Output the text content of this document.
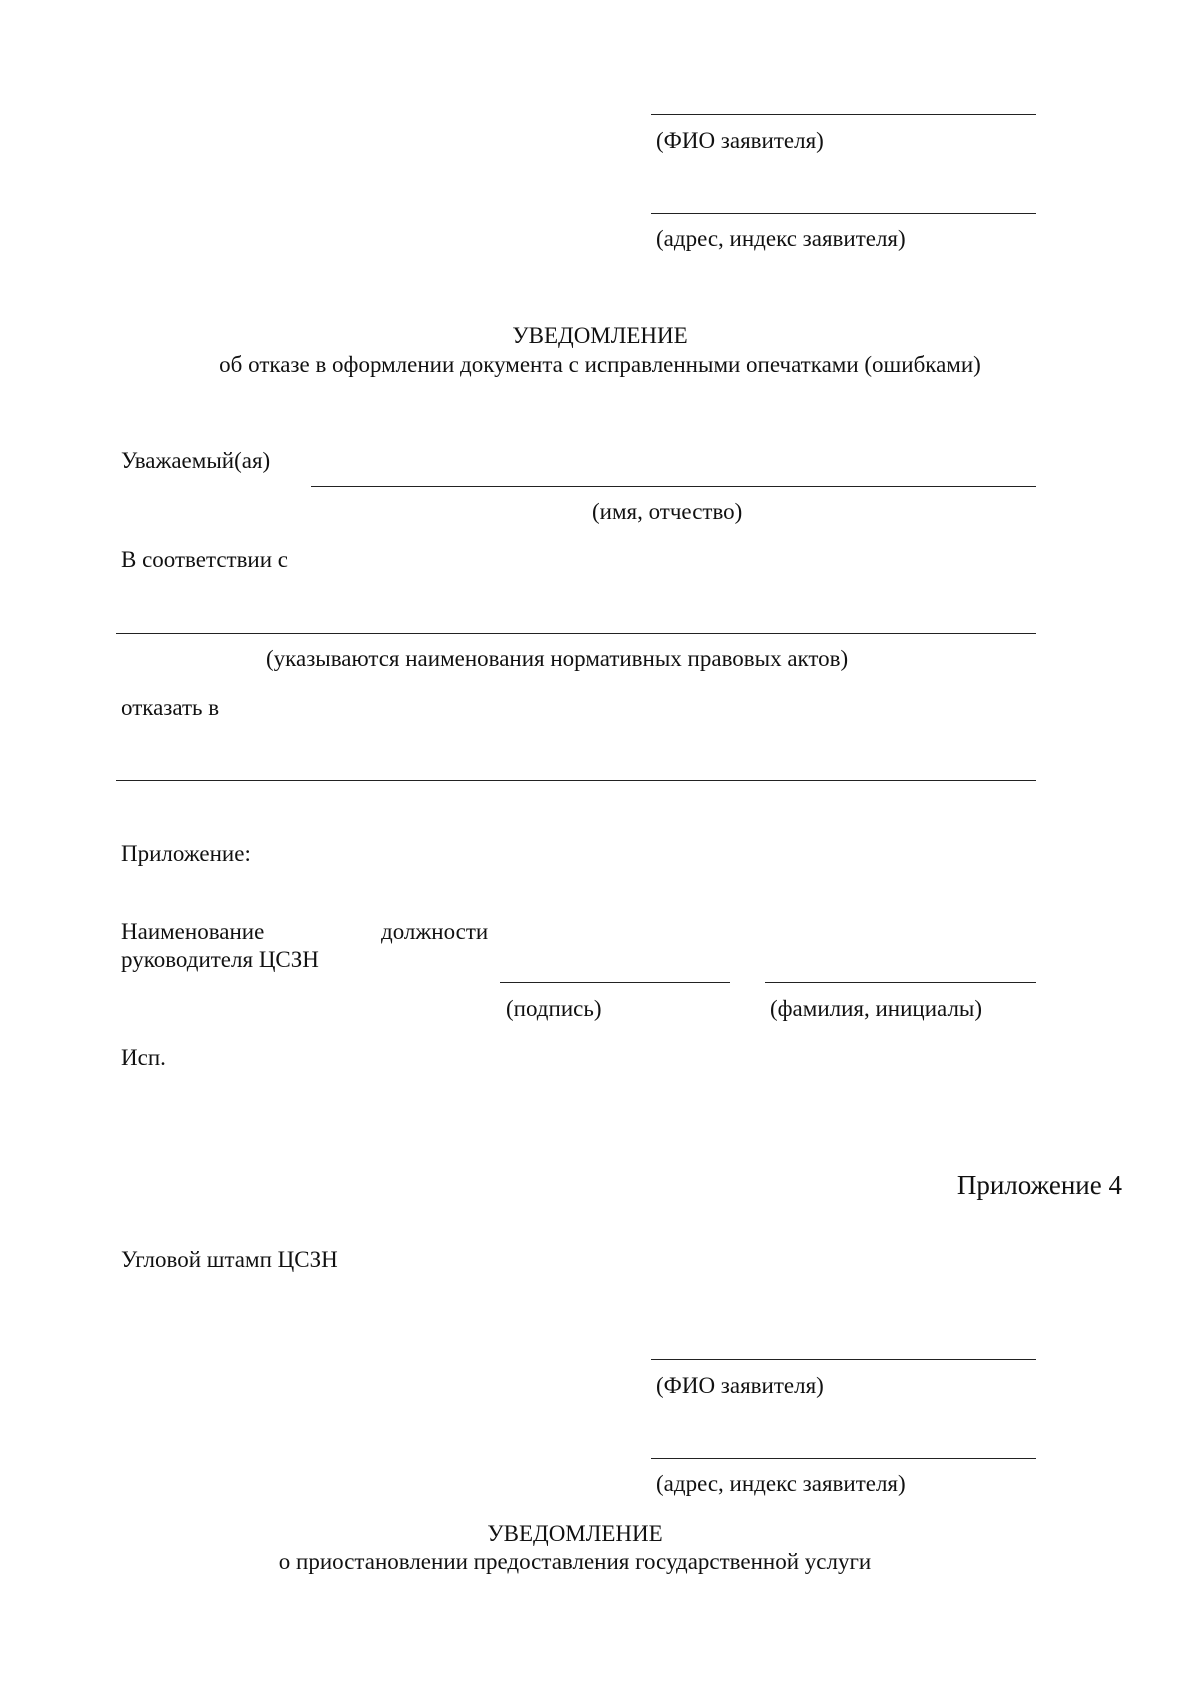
(ФИО заявителя)
(адрес, индекс заявителя)
УВЕДОМЛЕНИЕ
об отказе в оформлении документа с исправленными опечатками (ошибками)
Уважаемый(ая)
(имя, отчество)
В соответствии с
(указываются наименования нормативных правовых актов)
отказать в
Приложение:
Наименование	должности
руководителя ЦСЗН
(подпись)	(фамилия, инициалы)
Исп.
Приложение 4
Угловой штамп ЦСЗН
(ФИО заявителя)
(адрес, индекс заявителя)
УВЕДОМЛЕНИЕ
о приостановлении предоставления государственной услуги
